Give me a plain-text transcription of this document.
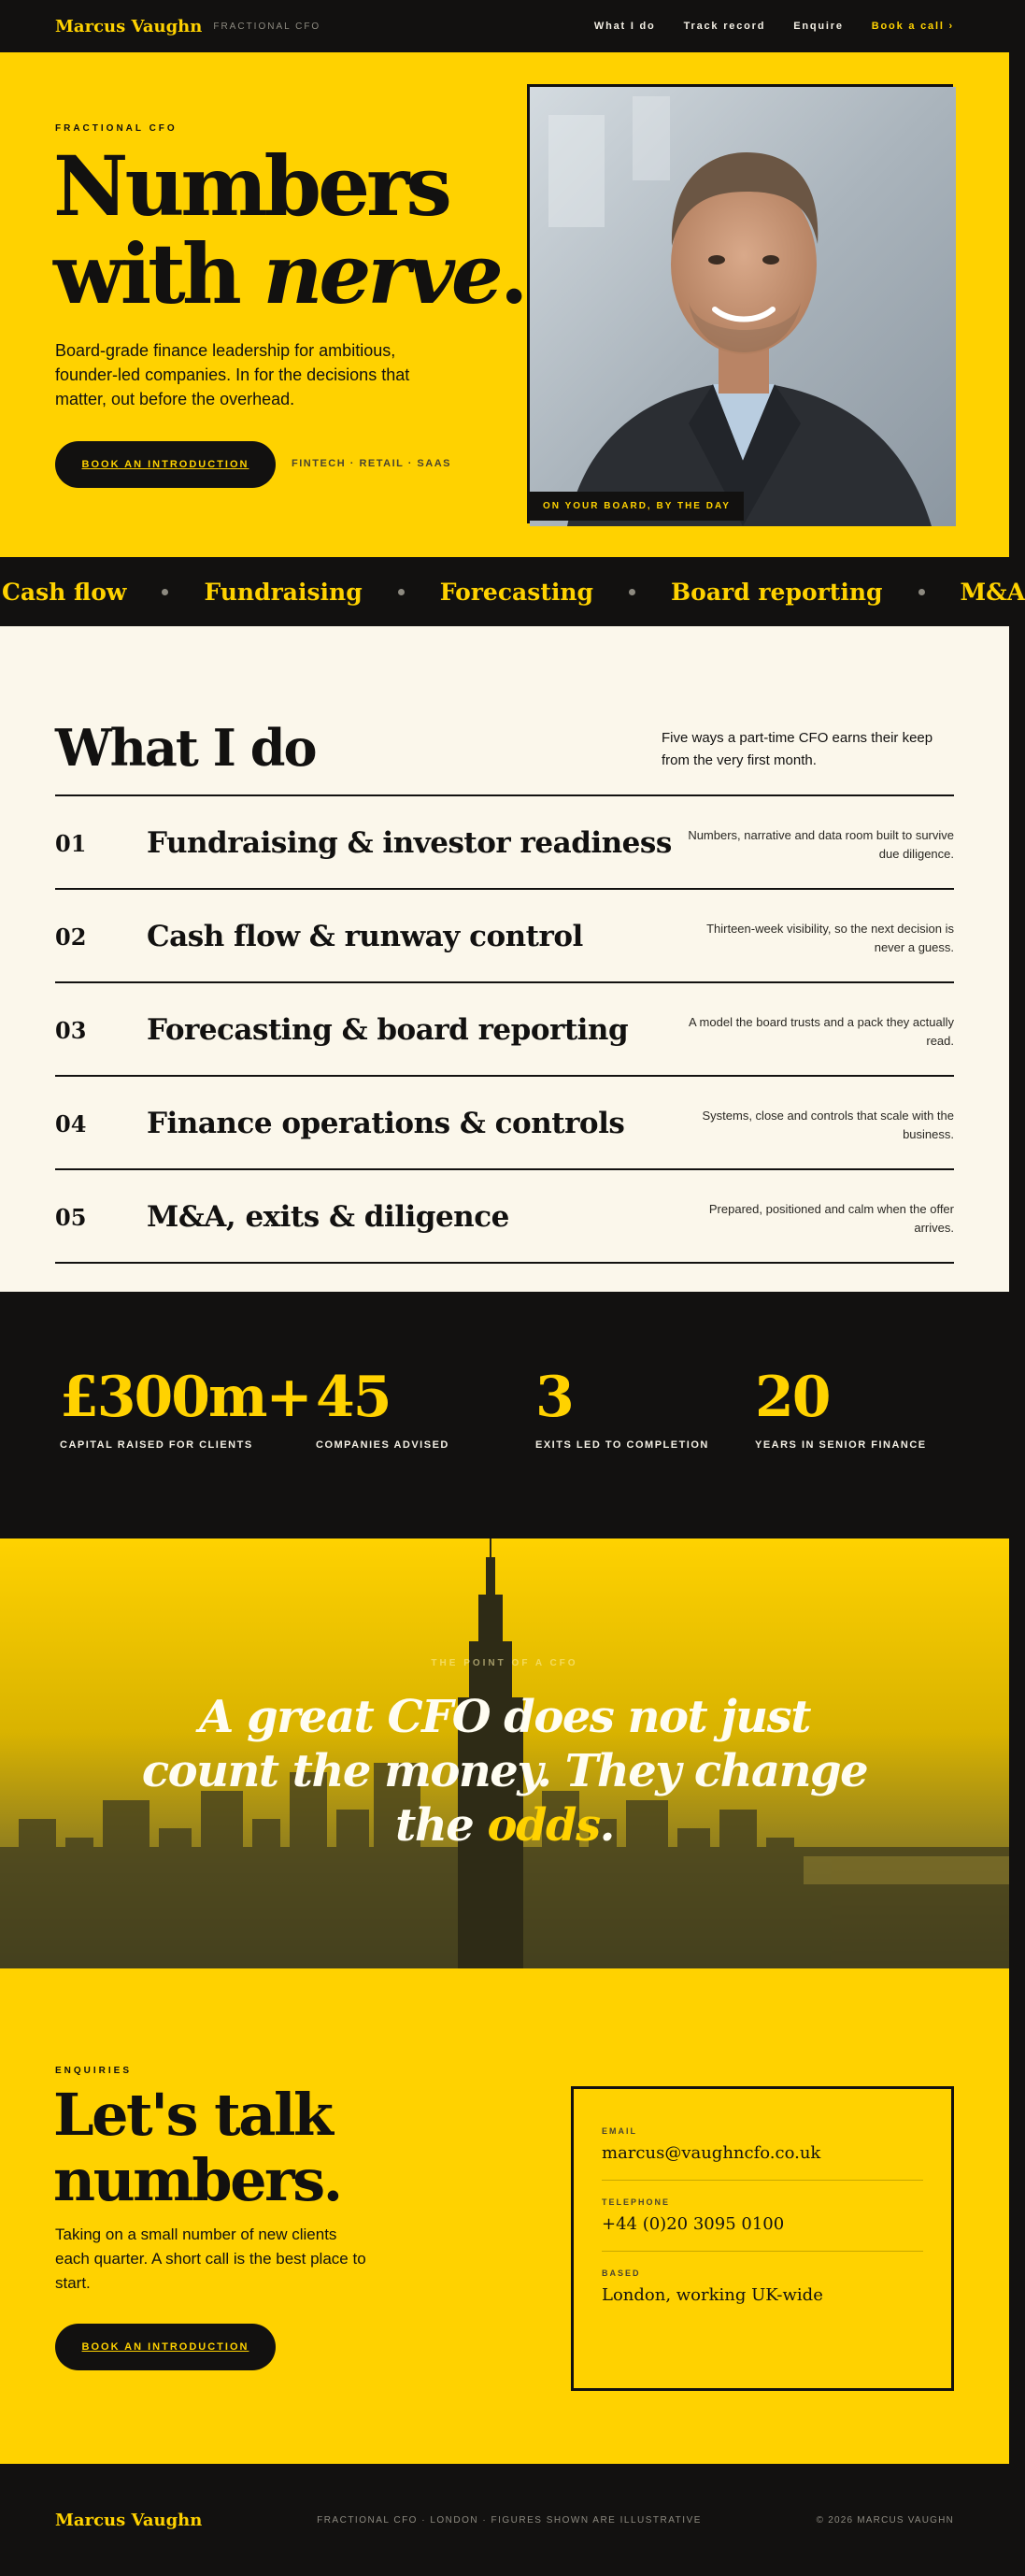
Marcus Vaughn FRACTIONAL CFO	What I do	Track record	Enquire	Book a call ›
FRACTIONAL CFO
Numbers
with nerve.

Board-grade finance leadership for ambitious, founder-led companies. In for the decisions that matter, out before the overhead.

BOOK AN INTRODUCTION	FINTECH · RETAIL · SAAS
ON YOUR BOARD, BY THE DAY
Cash flow	Fundraising	Forecasting	Board reporting	M&A
What I do	Five ways a part-time CFO earns their keep from the very first month.

01 Fundraising & investor readiness	Numbers, narrative and data room built to survive due diligence.
02 Cash flow & runway control	Thirteen-week visibility, so the next decision is never a guess.
03 Forecasting & board reporting	A model the board trusts and a pack they actually read.
04 Finance operations & controls	Systems, close and controls that scale with the business.
05 M&A, exits & diligence	Prepared, positioned and calm when the offer arrives.
£300m+
CAPITAL RAISED FOR CLIENTS
45
COMPANIES ADVISED
3
EXITS LED TO COMPLETION
20
YEARS IN SENIOR FINANCE
THE POINT OF A CFO
A great CFO does not just count the money. They change the odds.
ENQUIRIES
Let's talk
numbers.

Taking on a small number of new clients each quarter. A short call is the best place to start.

BOOK AN INTRODUCTION
EMAIL
marcus@vaughncfo.co.uk
TELEPHONE
+44 (0)20 3095 0100
BASED
London, working UK-wide
Marcus Vaughn	FRACTIONAL CFO · LONDON · FIGURES SHOWN ARE ILLUSTRATIVE	© 2026 MARCUS VAUGHN
